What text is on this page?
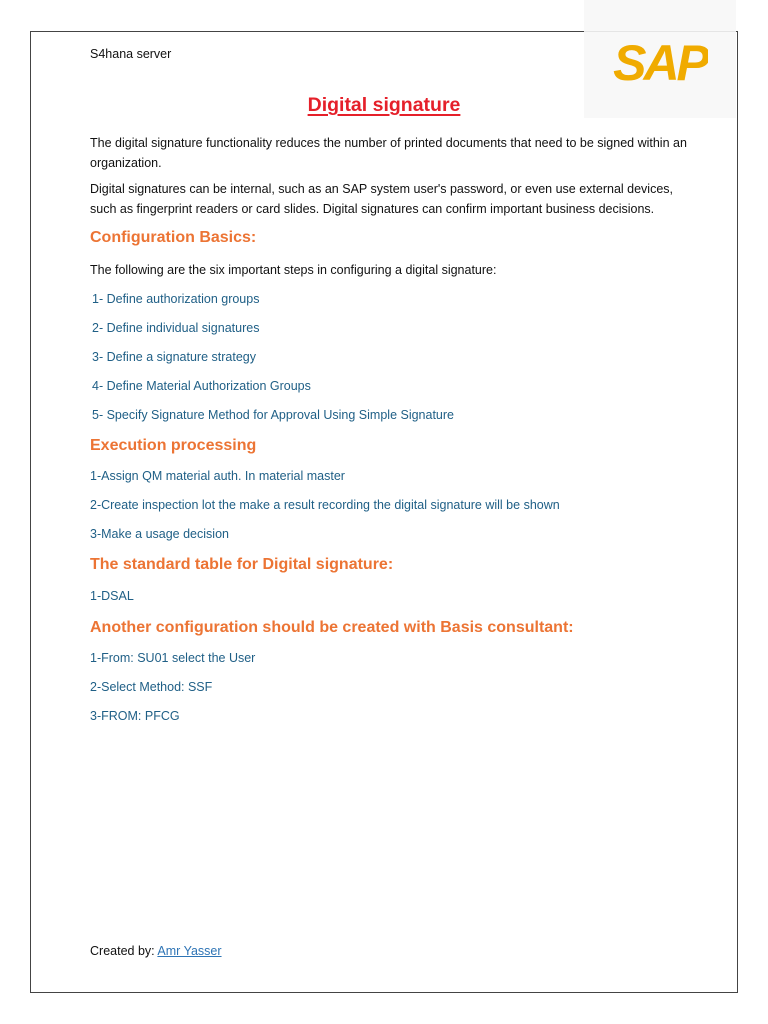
SAP
S4hana server
Digital signature

The digital signature functionality reduces the number of printed documents that need to be signed within an organization.

Digital signatures can be internal, such as an SAP system user's password, or even use external devices, such as fingerprint readers or card slides. Digital signatures can confirm important business decisions.

Configuration Basics:

The following are the six important steps in configuring a digital signature:

1- Define authorization groups

2- Define individual signatures

3- Define a signature strategy

4- Define Material Authorization Groups

5- Specify Signature Method for Approval Using Simple Signature

Execution processing

1-Assign QM material auth. In material master

2-Create inspection lot the make a result recording the digital signature will be shown

3-Make a usage decision

The standard table for Digital signature:

1-DSAL

Another configuration should be created with Basis consultant:

1-From: SU01 select the User

2-Select Method: SSF

3-FROM: PFCG

Created by: Amr Yasser
